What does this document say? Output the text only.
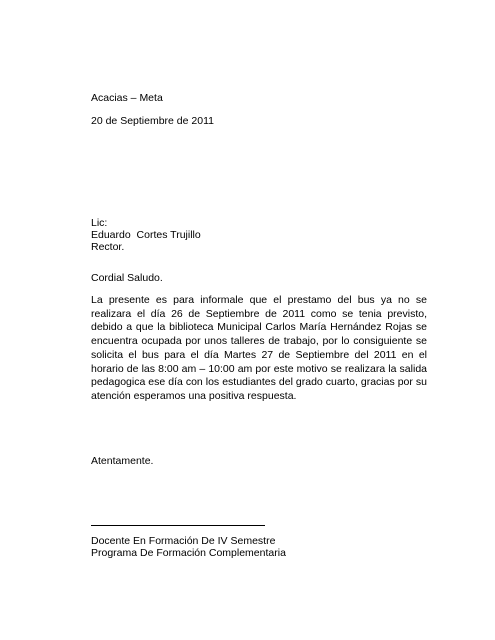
Acacias – Meta
20 de Septiembre de 2011
Lic:
Eduardo  Cortes Trujillo
Rector.
Cordial Saludo.
La presente es para informale que el prestamo del bus ya no se realizara el día 26 de Septiembre de 2011 como se tenia previsto, debido a que la biblioteca Municipal Carlos María Hernández Rojas se encuentra ocupada por unos talleres de trabajo, por lo consiguiente se solicita el bus para el día Martes 27 de Septiembre del 2011 en el horario de las 8:00 am – 10:00 am por este motivo se realizara la salida pedagogica ese día con los estudiantes del grado cuarto, gracias por su atención esperamos una positiva respuesta.
Atentamente.
Docente En Formación De IV Semestre
Programa De Formación Complementaria
